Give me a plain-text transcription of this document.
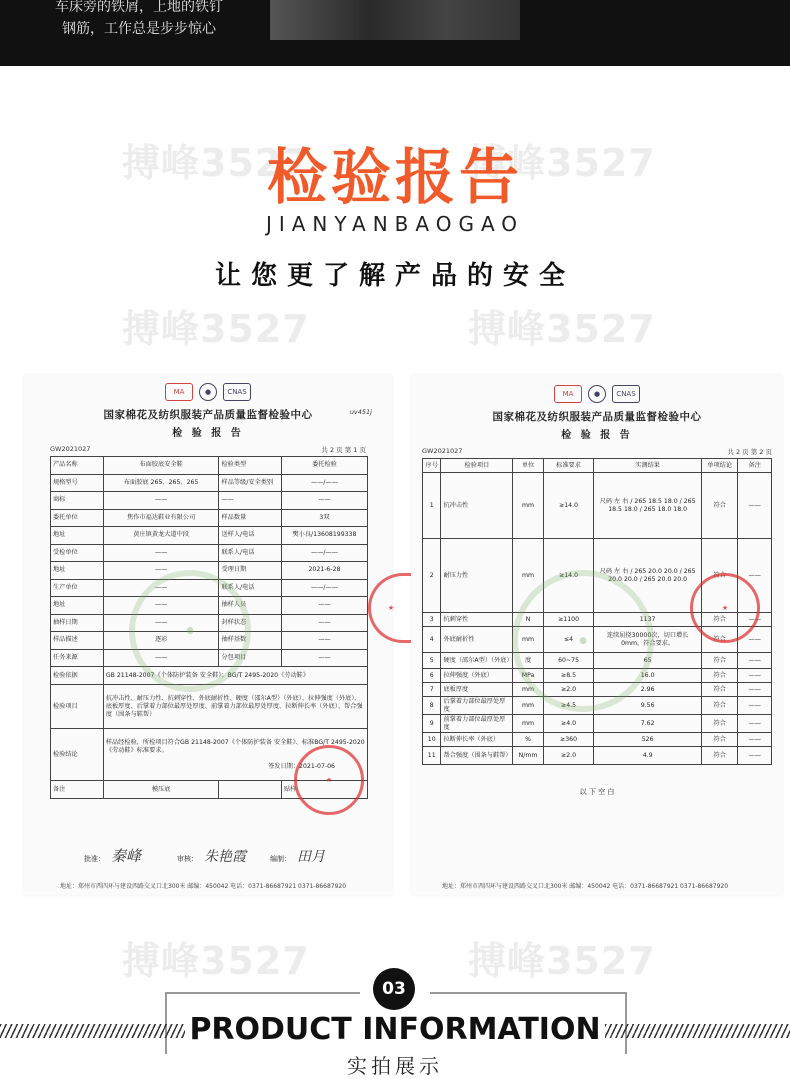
车床旁的铁屑，上地的铁钉
钢筋，工作总是步步惊心
搏峰3527	搏峰3527
搏峰3527	搏峰3527
搏峰3527	搏峰3527
检验报告
JIANYANBAOGAO
让您更了解产品的安全
MA	●	CNAS
国家棉花及纺织服装产品质量监督检验中心
检 验 报 告
uv451j
GW2021027	共 2 页 第 1 页
产品名称	布面胶底安全鞋	检验类型	委托检验
规格型号	布面胶底 265、265、265	样品等级/安全类别	——/——
商标	——	——	——
委托单位	焦作市福达鞋业有限公司	样品数量	3双
地址	黄庄镇黄龙大道中段	送样人/电话	樊小良/13608199338
受检单位	——	联系人/电话	——/——
地址	——	受理日期	2021-6-28
生产单位	——	联系人/电话	——/——
地址	——	抽样人员	——
抽样日期	——	封样状态	——
样品描述	逐彩	抽样基数	——
任务来源	——	分包项目	——
检验依据	GB 21148-2007《个体防护装备 安全鞋》；BG/T 2495-2020《劳动鞋》		
检验项目	抗冲击性、耐压力性、抗刺穿性、外底耐折性、硬度（邵尔A型）（外底）、拉伸强度（外底）、底板厚度、后掌着力部位最厚处厚度、前掌着力部位最厚处厚度、拉断伸长率（外底）、帮合强度（围条与鞋帮）		
检验结论	样品经检验，所检项目符合GB 21148-2007《个体防护装备 安全鞋》、标准BG/T 2495-2020《劳动鞋》标准要求。
签发日期：2021-07-06		

备注	模压底		贴样
批准： 秦峰	审核： 朱艳霞	编制： 田月
地址：郑州市西四环与建设西路交叉口北300米 邮编：450042 电话：0371-86687921 0371-86687920
●
★
★
MA	●	CNAS
国家棉花及纺织服装产品质量监督检验中心
检 验 报 告
GW2021027	共 2 页 第 2 页
序号	检验项目	单位	标准要求	实测结果	单项结论	备注
1	抗冲击性	mm	≥14.0	尺码 左 右 / 265 18.5 18.0 / 265 18.5 18.0 / 265 18.0 18.0	符合	——
2	耐压力性	mm	≥14.0	尺码 左 右 / 265 20.0 20.0 / 265 20.0 20.0 / 265 20.0 20.0	符合	——
3	抗刺穿性	N	≥1100	1137	符合	——
4	外底耐折性	mm	≤4	连续屈挠30000次，切口增长0mm，符合要求。	符合	——
5	硬度（邵尔A型）（外底）	度	60~75	65	符合	——
6	拉伸强度（外底）	MPa	≥8.5	16.0	符合	——
7	底板厚度	mm	≥2.0	2.96	符合	——
8	后掌着力部位最厚处厚度	mm	≥4.5	9.56	符合	——
9	前掌着力部位最厚处厚度	mm	≥4.0	7.62	符合	——
10	拉断伸长率（外底）	%	≥360	526	符合	——
11	帮合强度（围条与鞋帮）	N/mm	≥2.0	4.9	符合	——
以 下 空 白
地址：郑州市西四环与建设西路交叉口北300米 邮编：450042 电话：0371-86687921 0371-86687920
●
★
03
PRODUCT INFORMATION
实拍展示
